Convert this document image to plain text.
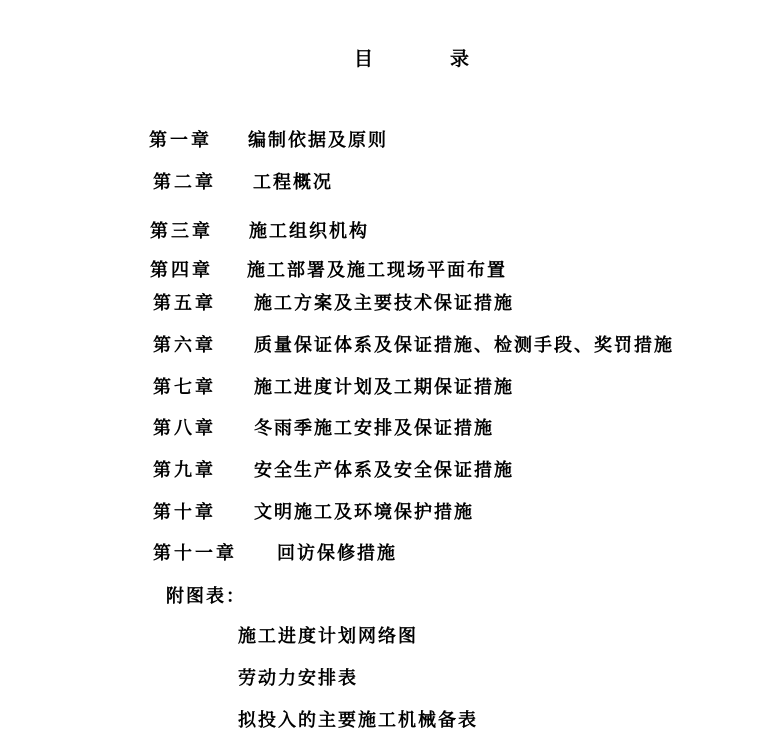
目	录
第一章 编制依据及原则
第二章 工程概况
第三章 施工组织机构
第四章 施工部署及施工现场平面布置
第五章 施工方案及主要技术保证措施
第六章 质量保证体系及保证措施、检测手段、奖罚措施
第七章 施工进度计划及工期保证措施
第八章 冬雨季施工安排及保证措施
第九章 安全生产体系及安全保证措施
第十章 文明施工及环境保护措施
第十一章 回访保修措施
附图表：
施工进度计划网络图
劳动力安排表
拟投入的主要施工机械备表
